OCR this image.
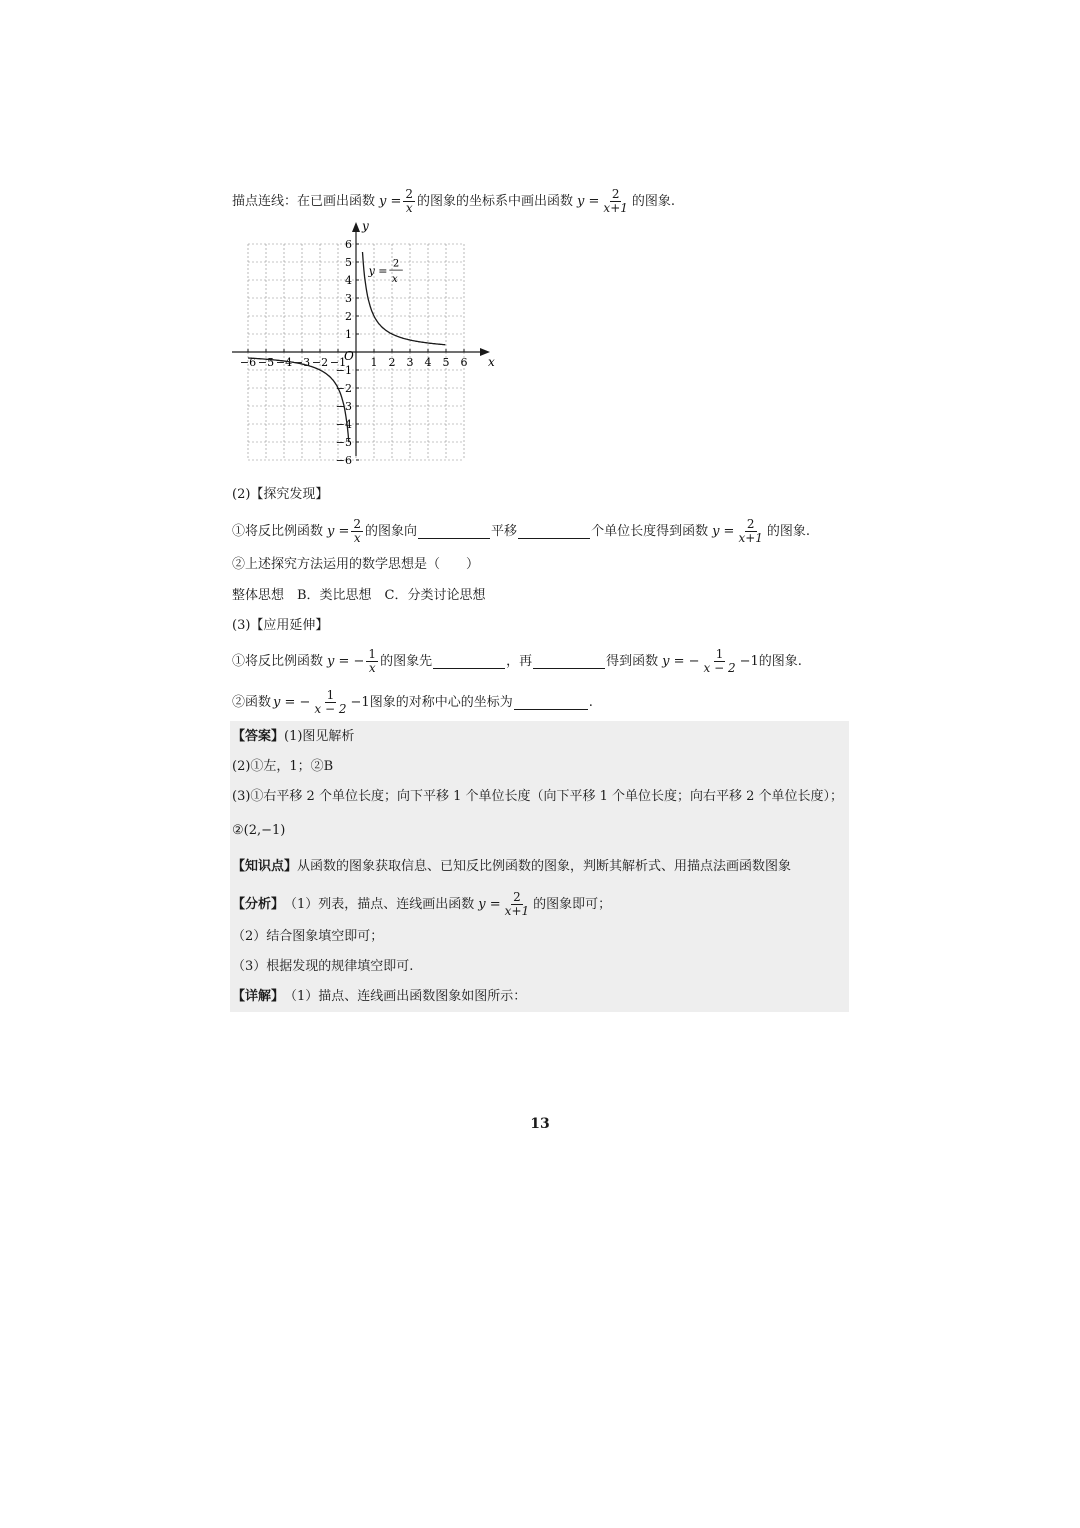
描点连线：在已画出函数 $y = \frac{2}{x}$ 的图象的坐标系中画出函数 $y = \frac{2}{x+1}$ 的图象.
−6 −5 −4 −3 −2 −1 1 2 3 4 5 6
6
5
4
3
2
1
−1
−2
−3
−4
−5
−6
y
x
O
y =
2
x
(2)【探究发现】
①将反比例函数 $y = \frac{2}{x}$ 的图象向	平移	个单位长度得到函数 $y = \frac{2}{x+1}$ 的图象.
②上述探究方法运用的数学思想是（　　）
整体思想　B．类比思想　C．分类讨论思想
(3)【应用延伸】
①将反比例函数 y = − $\frac{1}{x}$ 的图象先	，再	得到函数 y = − $\frac{1}{x - 2} -1$ 的图象.
②函数 y = − $\frac{1}{x - 2} -1$ 图象的对称中心的坐标为	.
【答案】 (1)图见解析
(2)①左，1；②B
(3)①右平移 2 个单位长度；向下平移 1 个单位长度（向下平移 1 个单位长度；向右平移 2 个单位长度）；
②(2,−1)
【知识点】 从函数的图象获取信息、已知反比例函数的图象，判断其解析式、用描点法画函数图象
【分析】 （1）列表，描点、连线画出函数 $y = \frac{2}{x+1}$ 的图象即可；
（2）结合图象填空即可；
（3）根据发现的规律填空即可.
【详解】 （1）描点、连线画出函数图象如图所示：
13
